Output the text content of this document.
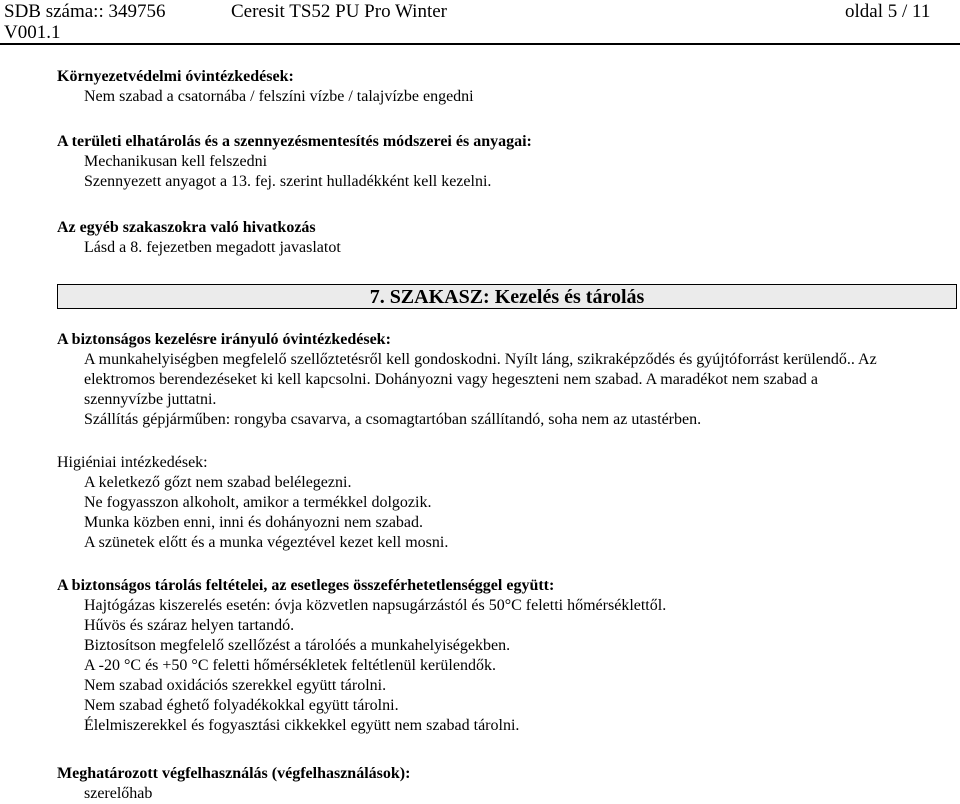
SDB száma:: 349756	Ceresit TS52 PU Pro Winter	oldal 5 / 11
V001.1
Környezetvédelmi óvintézkedések:
Nem szabad a csatornába / felszíni vízbe / talajvízbe engedni
A területi elhatárolás és a szennyezésmentesítés módszerei és anyagai:
Mechanikusan kell felszedni
Szennyezett anyagot a 13. fej. szerint hulladékként kell kezelni.
Az egyéb szakaszokra való hivatkozás
Lásd a 8. fejezetben megadott javaslatot
7. SZAKASZ: Kezelés és tárolás
A biztonságos kezelésre irányuló óvintézkedések:
A munkahelyiségben megfelelő szellőztetésről kell gondoskodni. Nyílt láng, szikraképződés és gyújtóforrást kerülendő.. Az
elektromos berendezéseket ki kell kapcsolni. Dohányozni vagy hegeszteni nem szabad. A maradékot nem szabad a
szennyvízbe juttatni.
Szállítás gépjárműben: rongyba csavarva, a csomagtartóban szállítandó, soha nem az utastérben.
Higiéniai intézkedések:
A keletkező gőzt nem szabad belélegezni.
Ne fogyasszon alkoholt, amikor a termékkel dolgozik.
Munka közben enni, inni és dohányozni nem szabad.
A szünetek előtt és a munka végeztével kezet kell mosni.
A biztonságos tárolás feltételei, az esetleges összeférhetetlenséggel együtt:
Hajtógázas kiszerelés esetén: óvja közvetlen napsugárzástól és 50°C feletti hőmérséklettől.
Hűvös és száraz helyen tartandó.
Biztosítson megfelelő szellőzést a tárolóés a munkahelyiségekben.
A -20 °C és +50 °C feletti hőmérsékletek feltétlenül kerülendők.
Nem szabad oxidációs szerekkel együtt tárolni.
Nem szabad éghető folyadékokkal együtt tárolni.
Élelmiszerekkel és fogyasztási cikkekkel együtt nem szabad tárolni.
Meghatározott végfelhasználás (végfelhasználások):
szerelőhab
